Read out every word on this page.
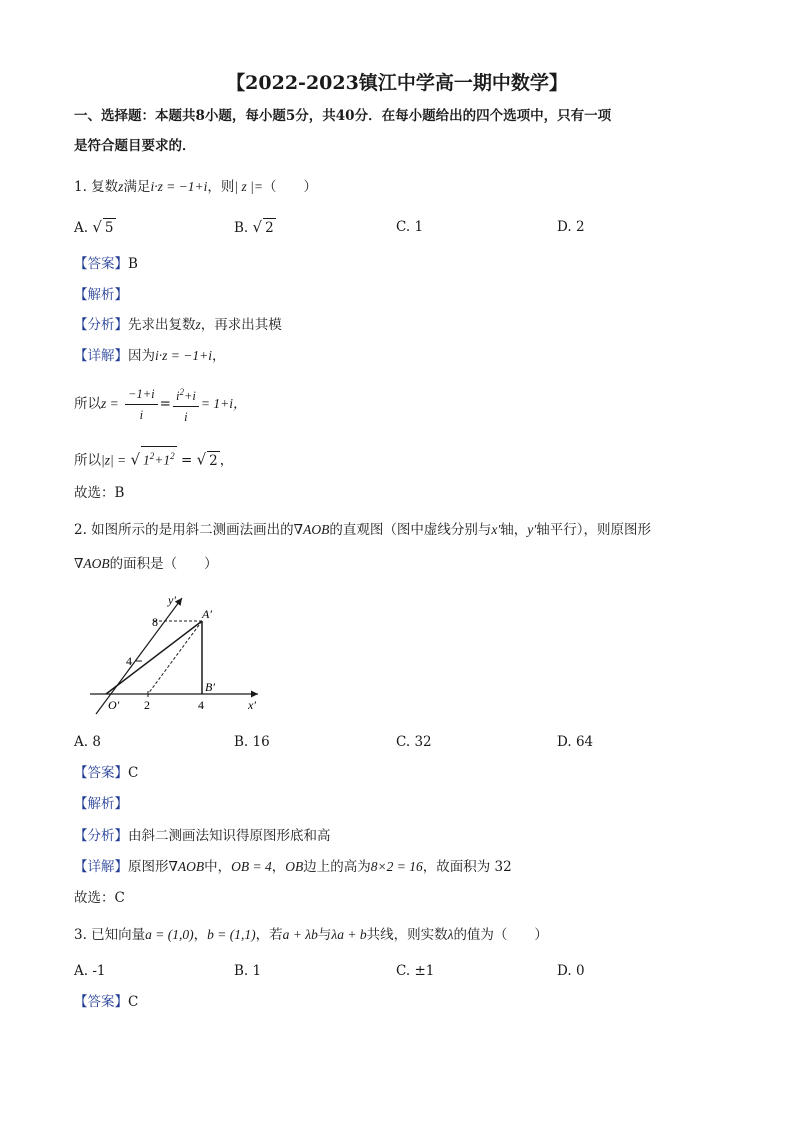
【2022-2023镇江中学高一期中数学】
一、选择题：本题共8小题，每小题5分，共40分．在每小题给出的四个选项中，只有一项
是符合题目要求的．
1. 复数z满足i·z = −1+i，则| z |=（　　）
A. √ 5	B. √ 2	C. 1	D. 2
【答案】B
【解析】
【分析】先求出复数z，再求出其模
【详解】因为i·z = −1+i，
所以$z = \frac{-1+i}{i} = \frac{i^2+i}{i} = 1+i$，
所以|z| = √ $1^2+1^2$ = √ 2 ，
故选：B
2. 如图所示的是用斜二测画法画出的∇AOB的直观图（图中虚线分别与x′轴，y′轴平行），则原图形
∇AOB的面积是（　　）
y′
x′
A′
B′
O′
8
4
2	4
A. 8	B. 16	C. 32	D. 64
【答案】C
【解析】
【分析】由斜二测画法知识得原图形底和高
【详解】原图形∇AOB中，OB = 4，OB边上的高为8×2 = 16，故面积为 32
故选：C
3. 已知向量a = (1,0)，b = (1,1)，若a + λb与λa + b共线，则实数λ的值为（　　）
A. -1	B. 1	C. ±1	D. 0
【答案】C
